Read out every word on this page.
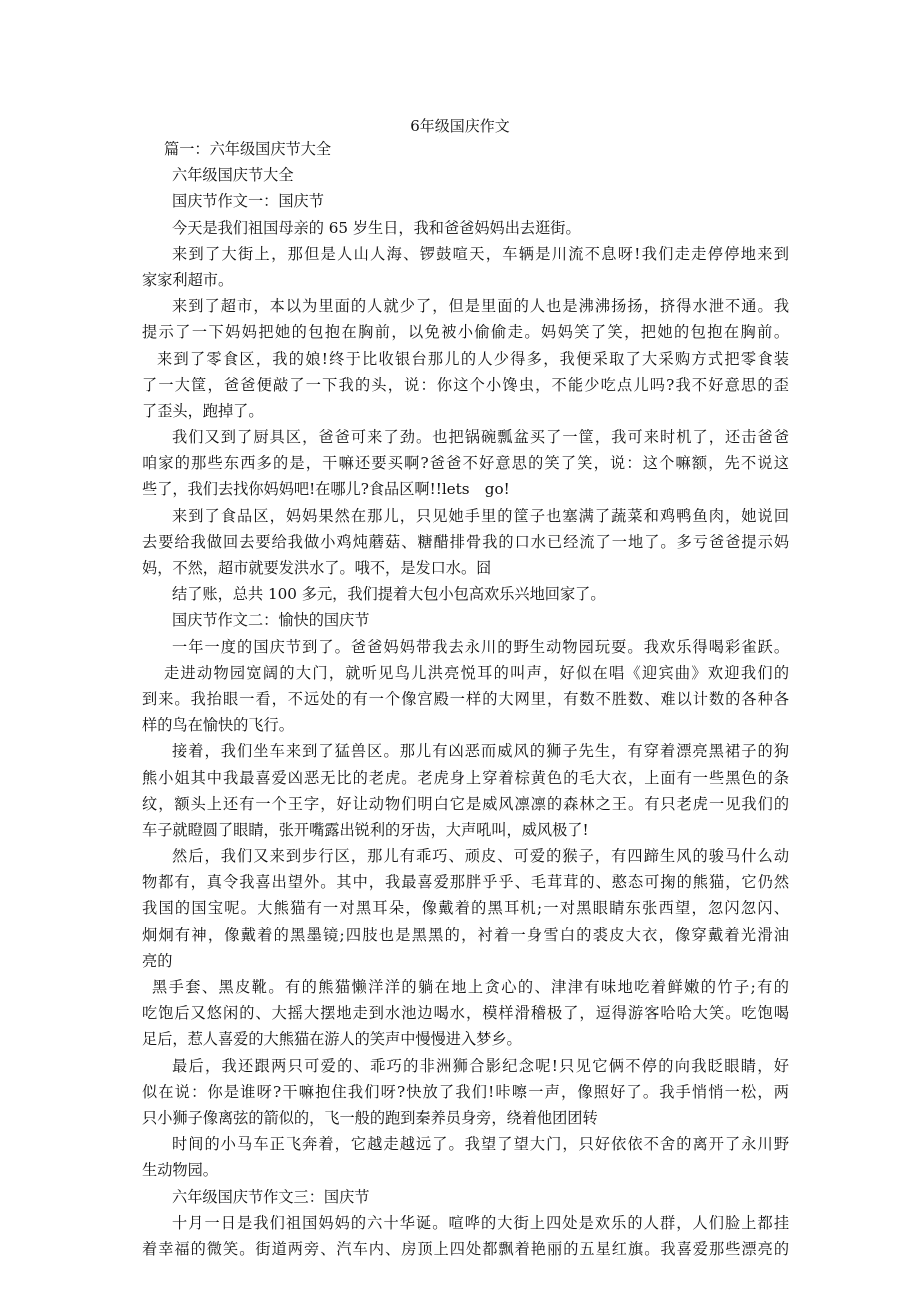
6年级国庆作文
篇一：六年级国庆节大全
六年级国庆节大全
国庆节作文一：国庆节
今天是我们祖国母亲的 65 岁生日，我和爸爸妈妈出去逛街。
来到了大街上，那但是人山人海、锣鼓喧天，车辆是川流不息呀!我们走走停停地来到
家家利超市。
来到了超市，本以为里面的人就少了，但是里面的人也是沸沸扬扬，挤得水泄不通。我
提示了一下妈妈把她的包抱在胸前，以免被小偷偷走。妈妈笑了笑，把她的包抱在胸前。
来到了零食区，我的娘!终于比收银台那儿的人少得多，我便采取了大采购方式把零食装
了一大筐，爸爸便敲了一下我的头，说：你这个小馋虫，不能少吃点儿吗?我不好意思的歪
了歪头，跑掉了。
我们又到了厨具区，爸爸可来了劲。也把锅碗瓢盆买了一筐，我可来时机了，还击爸爸
咱家的那些东西多的是，干嘛还要买啊?爸爸不好意思的笑了笑，说：这个嘛额，先不说这
些了，我们去找你妈妈吧!在哪儿?食品区啊!!lets　go!
来到了食品区，妈妈果然在那儿，只见她手里的筐子也塞满了蔬菜和鸡鸭鱼肉，她说回
去要给我做回去要给我做小鸡炖蘑菇、糖醋排骨我的口水已经流了一地了。多亏爸爸提示妈
妈，不然，超市就要发洪水了。哦不，是发口水。囧
结了账，总共 100 多元，我们提着大包小包高欢乐兴地回家了。
国庆节作文二：愉快的国庆节
一年一度的国庆节到了。爸爸妈妈带我去永川的野生动物园玩耍。我欢乐得喝彩雀跃。
走进动物园宽阔的大门，就听见鸟儿洪亮悦耳的叫声，好似在唱《迎宾曲》欢迎我们的
到来。我抬眼一看，不远处的有一个像宫殿一样的大网里，有数不胜数、难以计数的各种各
样的鸟在愉快的飞行。
接着，我们坐车来到了猛兽区。那儿有凶恶而威风的狮子先生，有穿着漂亮黑裙子的狗
熊小姐其中我最喜爱凶恶无比的老虎。老虎身上穿着棕黄色的毛大衣，上面有一些黑色的条
纹，额头上还有一个王字，好让动物们明白它是威风凛凛的森林之王。有只老虎一见我们的
车子就瞪圆了眼睛，张开嘴露出锐利的牙齿，大声吼叫，威风极了!
然后，我们又来到步行区，那儿有乖巧、顽皮、可爱的猴子，有四蹄生风的骏马什么动
物都有，真令我喜出望外。其中，我最喜爱那胖乎乎、毛茸茸的、憨态可掬的熊猫，它仍然
我国的国宝呢。大熊猫有一对黑耳朵，像戴着的黑耳机;一对黑眼睛东张西望，忽闪忽闪、
炯炯有神，像戴着的黑墨镜;四肢也是黑黑的，衬着一身雪白的裘皮大衣，像穿戴着光滑油
亮的
黑手套、黑皮靴。有的熊猫懒洋洋的躺在地上贪心的、津津有味地吃着鲜嫩的竹子;有的
吃饱后又悠闲的、大摇大摆地走到水池边喝水，模样滑稽极了，逗得游客哈哈大笑。吃饱喝
足后，惹人喜爱的大熊猫在游人的笑声中慢慢进入梦乡。
最后，我还跟两只可爱的、乖巧的非洲狮合影纪念呢!只见它俩不停的向我眨眼睛，好
似在说：你是谁呀?干嘛抱住我们呀?快放了我们!咔嚓一声，像照好了。我手悄悄一松，两
只小狮子像离弦的箭似的，飞一般的跑到秦养员身旁，绕着他团团转
时间的小马车正飞奔着，它越走越远了。我望了望大门，只好依依不舍的离开了永川野
生动物园。
六年级国庆节作文三：国庆节
十月一日是我们祖国妈妈的六十华诞。喧哗的大街上四处是欢乐的人群，人们脸上都挂
着幸福的微笑。街道两旁、汽车内、房顶上四处都飘着艳丽的五星红旗。我喜爱那些漂亮的
